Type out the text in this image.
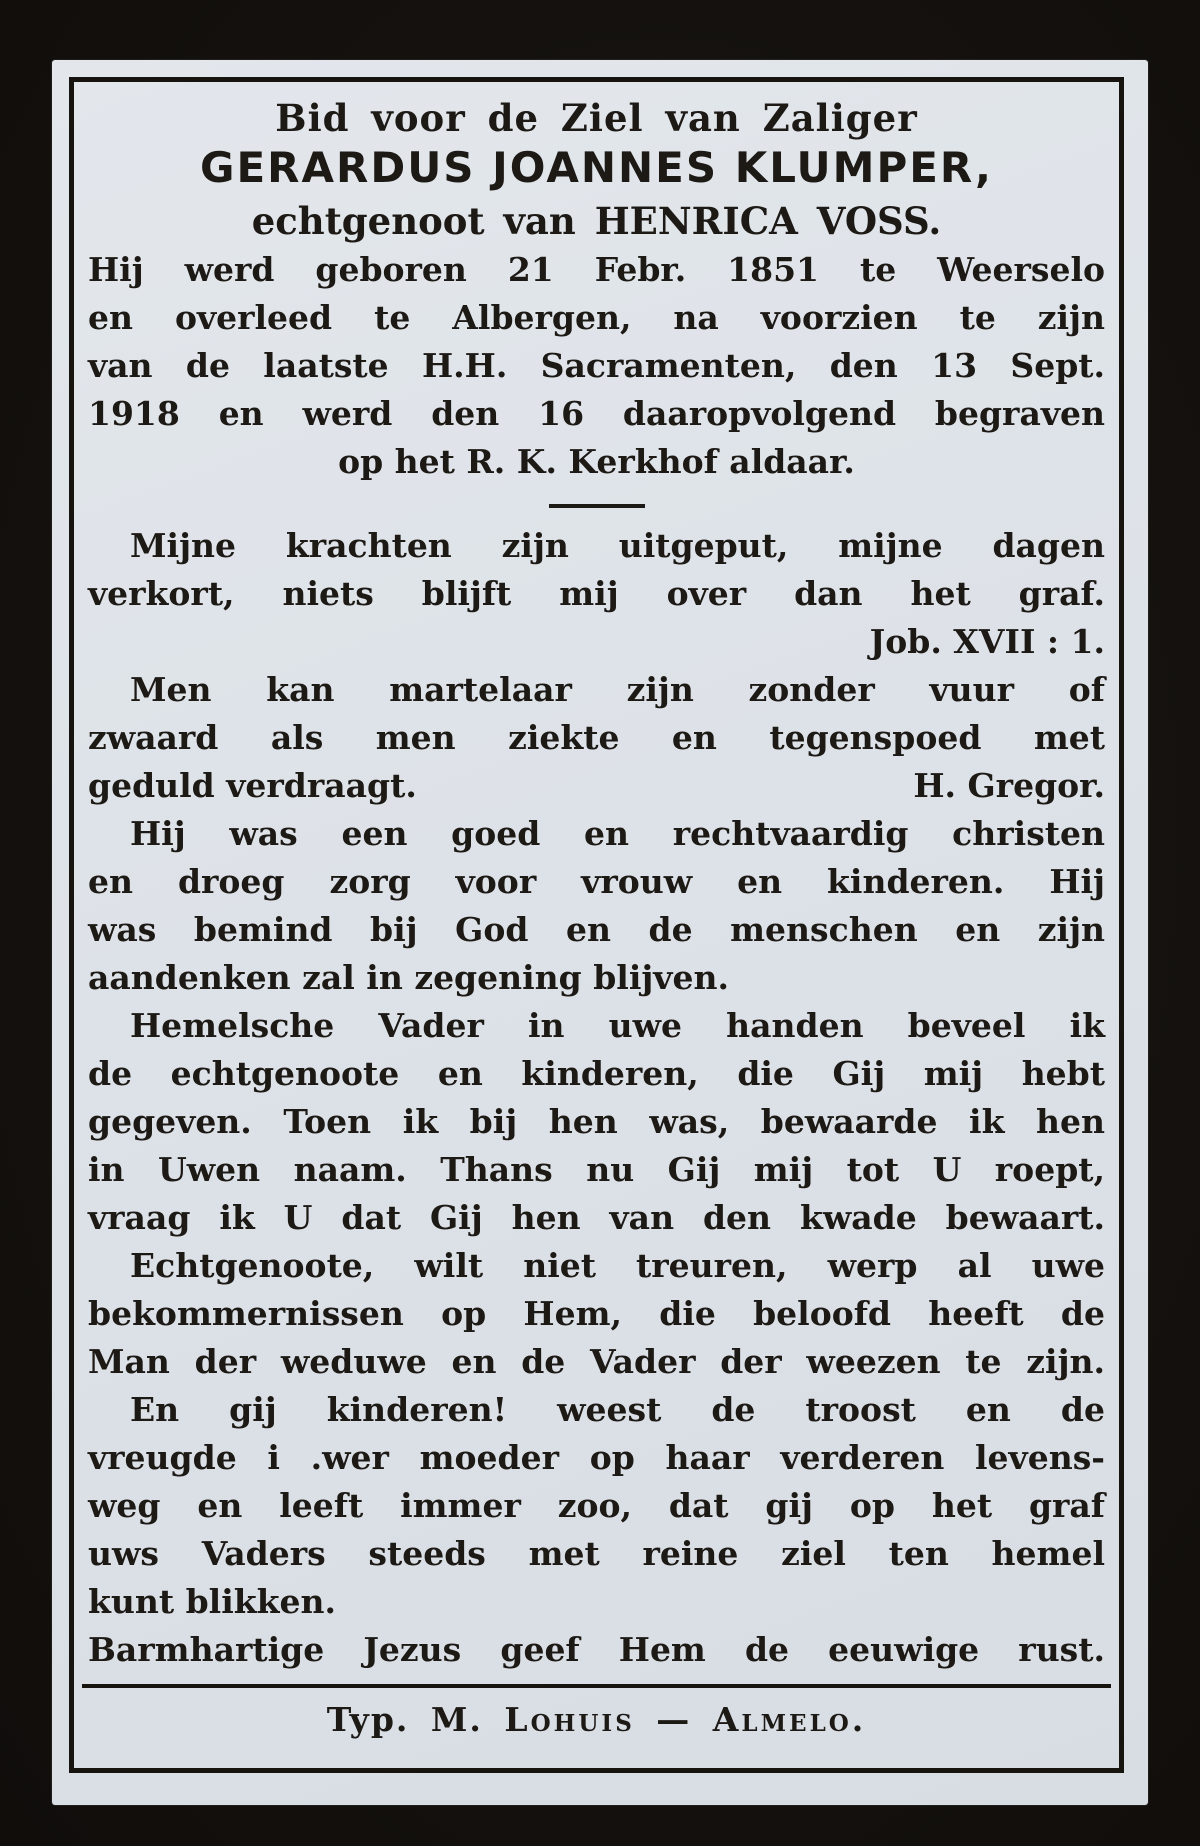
Bid voor de Ziel van Zaliger
GERARDUS JOANNES KLUMPER,
echtgenoot van HENRICA VOSS.
Hij werd geboren 21 Febr. 1851 te Weerselo
en overleed te Albergen, na voorzien te zijn
van de laatste H.H. Sacramenten, den 13 Sept.
1918 en werd den 16 daaropvolgend begraven
op het R. K. Kerkhof aldaar.
Mijne krachten zijn uitgeput, mijne dagen
verkort, niets blijft mij over dan het graf.
Job. XVII : 1.
Men kan martelaar zijn zonder vuur of
zwaard als men ziekte en tegenspoed met
geduld verdraagt.	H. Gregor.
Hij was een goed en rechtvaardig christen
en droeg zorg voor vrouw en kinderen. Hij
was bemind bij God en de menschen en zijn
aandenken zal in zegening blijven.
Hemelsche Vader in uwe handen beveel ik
de echtgenoote en kinderen, die Gij mij hebt
gegeven. Toen ik bij hen was, bewaarde ik hen
in Uwen naam. Thans nu Gij mij tot U roept,
vraag ik U dat Gij hen van den kwade bewaart.
Echtgenoote, wilt niet treuren, werp al uwe
bekommernissen op Hem, die beloofd heeft de
Man der weduwe en de Vader der weezen te zijn.
En gij kinderen! weest de troost en de
vreugde i .wer moeder op haar verderen levens-
weg en leeft immer zoo, dat gij op het graf
uws Vaders steeds met reine ziel ten hemel
kunt blikken.
Barmhartige Jezus geef Hem de eeuwige rust.
Typ. M. Lohuis — Almelo.
